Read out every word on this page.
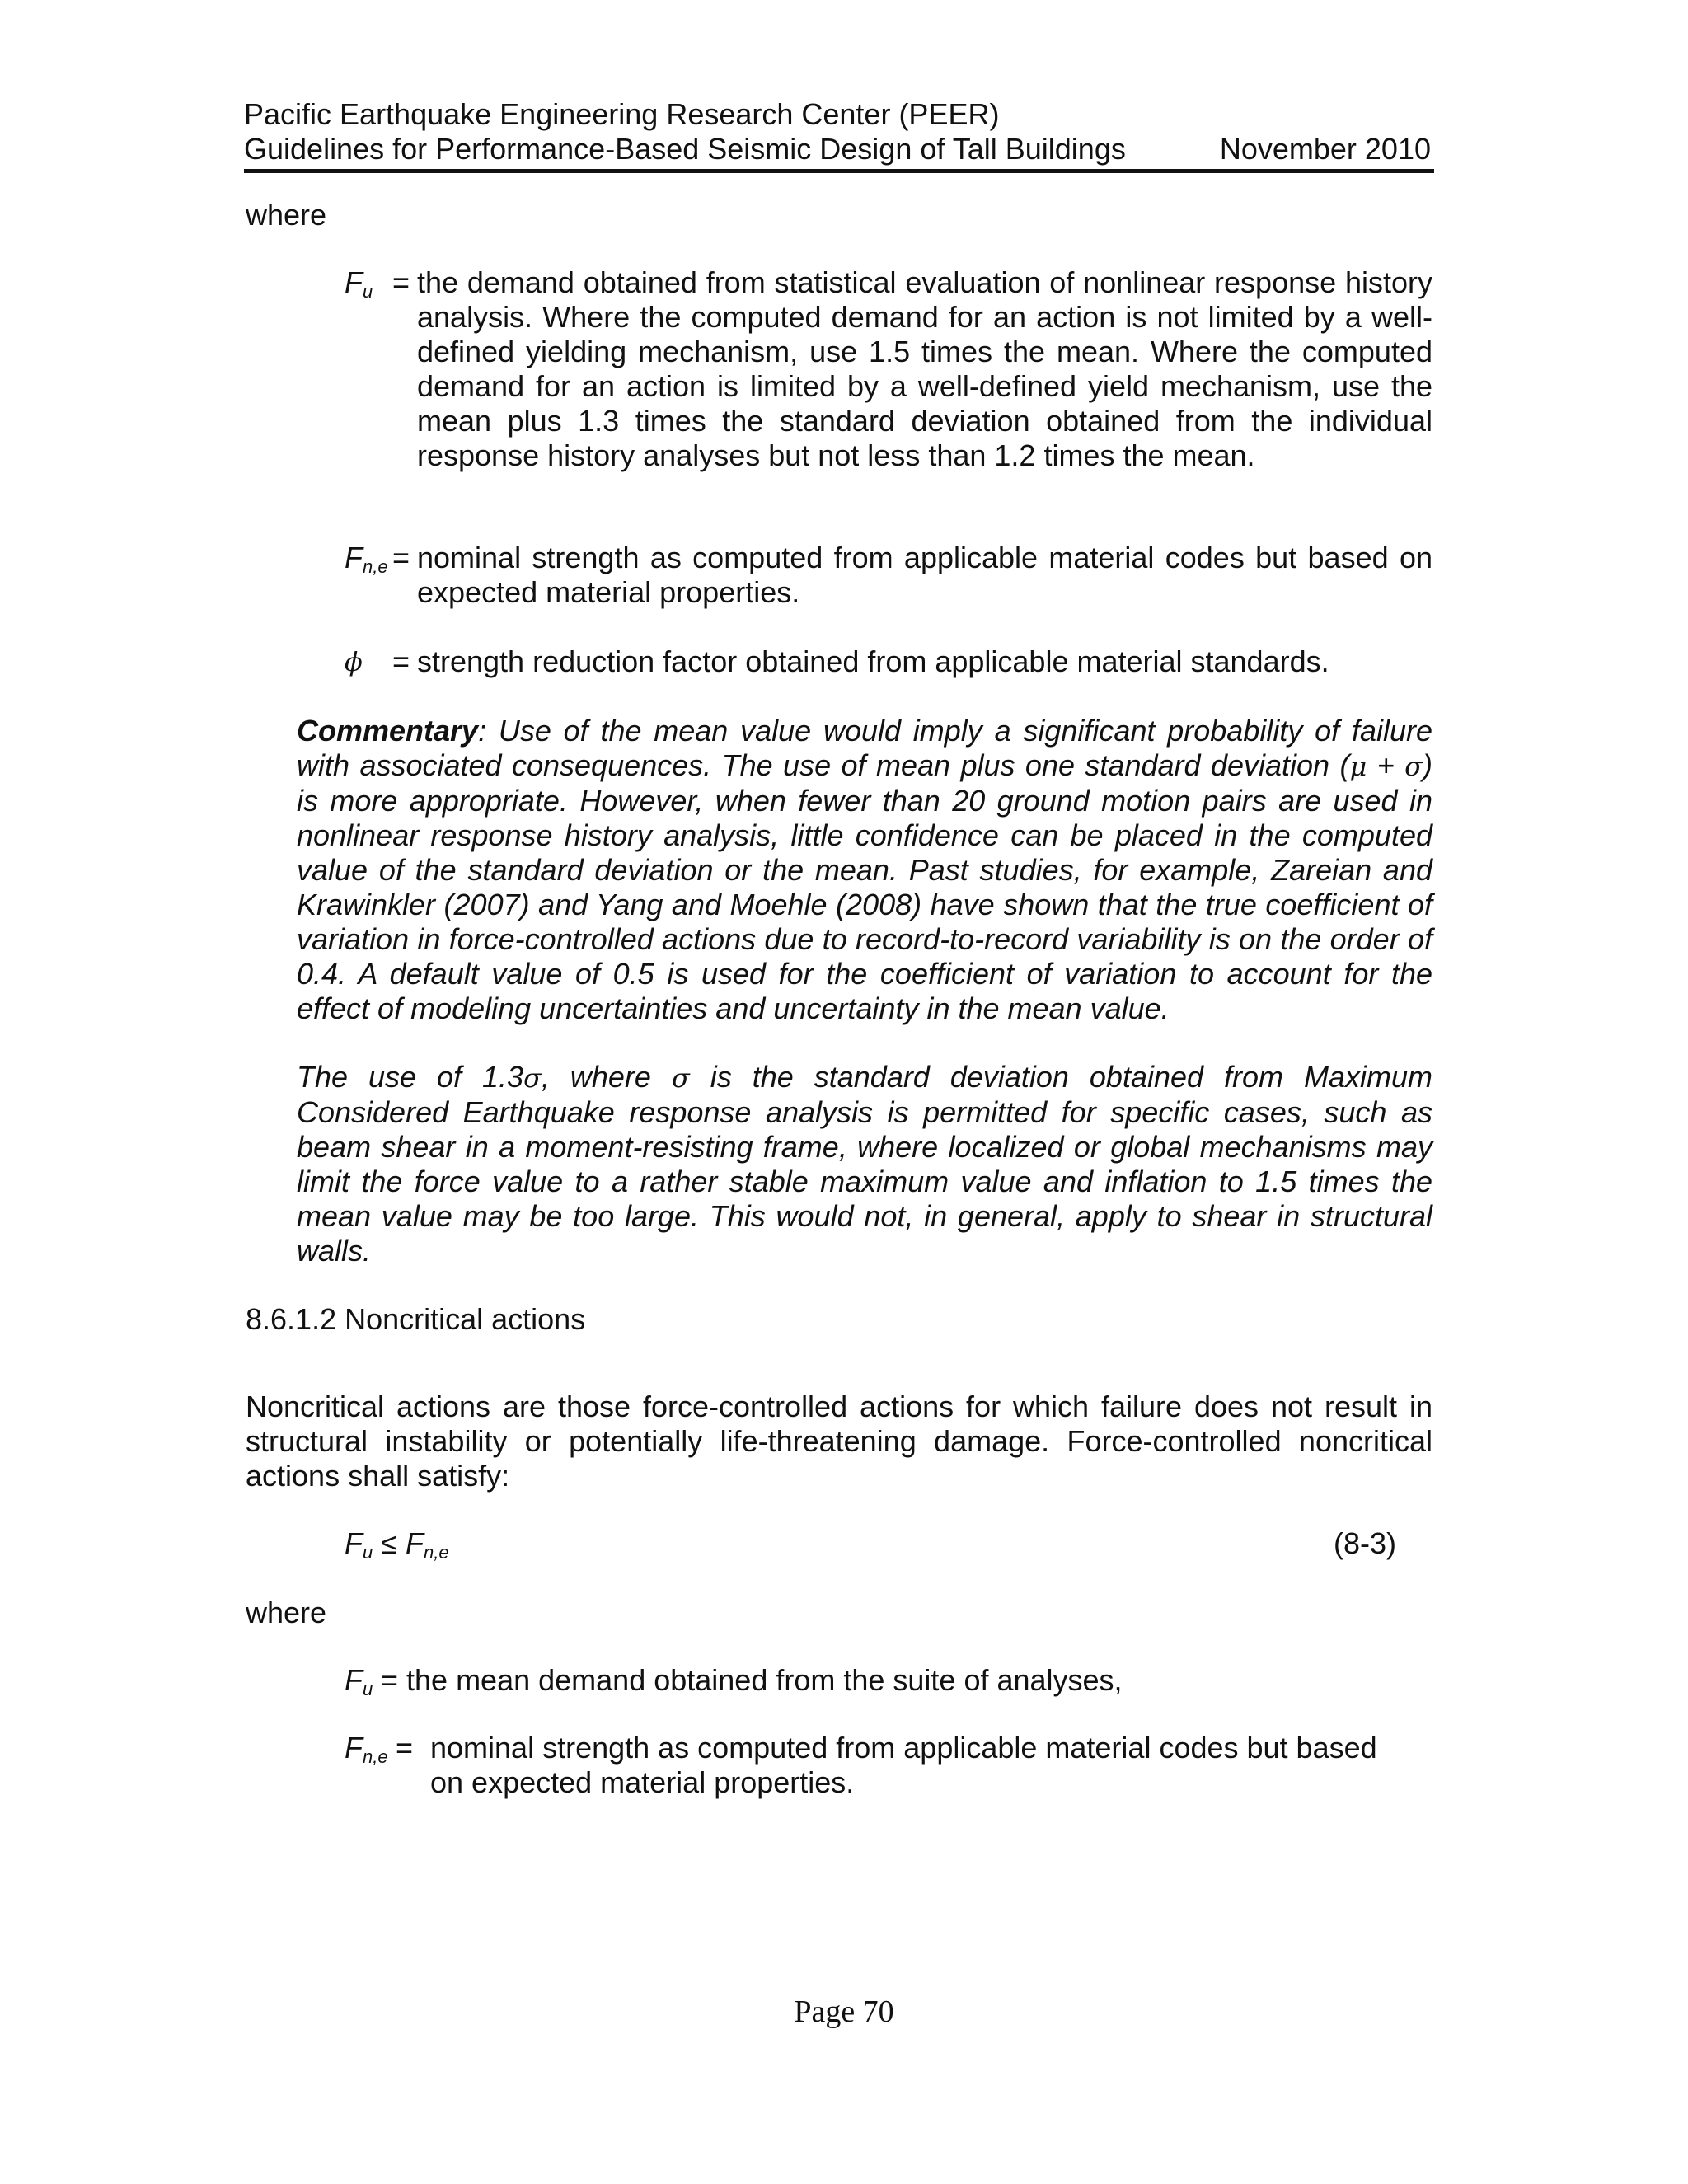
Pacific Earthquake Engineering Research Center (PEER)
Guidelines for Performance-Based Seismic Design of Tall Buildings	November 2010
where
$F_u$ = the demand obtained from statistical evaluation of nonlinear response history analysis. Where the computed demand for an action is not limited by a well-defined yielding mechanism, use 1.5 times the mean. Where the computed demand for an action is limited by a well-defined yield mechanism, use the mean plus 1.3 times the standard deviation obtained from the individual response history analyses but not less than 1.2 times the mean.
$F_{n,e}$ = nominal strength as computed from applicable material codes but based on expected material properties.
ϕ = strength reduction factor obtained from applicable material standards.
Commentary: Use of the mean value would imply a significant probability of failure with associated consequences. The use of mean plus one standard deviation (μ + σ) is more appropriate. However, when fewer than 20 ground motion pairs are used in nonlinear response history analysis, little confidence can be placed in the computed value of the standard deviation or the mean. Past studies, for example, Zareian and Krawinkler (2007) and Yang and Moehle (2008) have shown that the true coefficient of variation in force-controlled actions due to record-to-record variability is on the order of 0.4. A default value of 0.5 is used for the coefficient of variation to account for the effect of modeling uncertainties and uncertainty in the mean value.
The use of 1.3σ, where σ is the standard deviation obtained from Maximum Considered Earthquake response analysis is permitted for specific cases, such as beam shear in a moment-resisting frame, where localized or global mechanisms may limit the force value to a rather stable maximum value and inflation to 1.5 times the mean value may be too large. This would not, in general, apply to shear in structural walls.
8.6.1.2 Noncritical actions
Noncritical actions are those force-controlled actions for which failure does not result in structural instability or potentially life-threatening damage. Force-controlled noncritical actions shall satisfy:
$F_u \le F_{n,e}$	(8-3)
where
$F_u$ = the mean demand obtained from the suite of analyses,
$F_{n,e}$ = nominal strength as computed from applicable material codes but based on expected material properties.
Page 70
